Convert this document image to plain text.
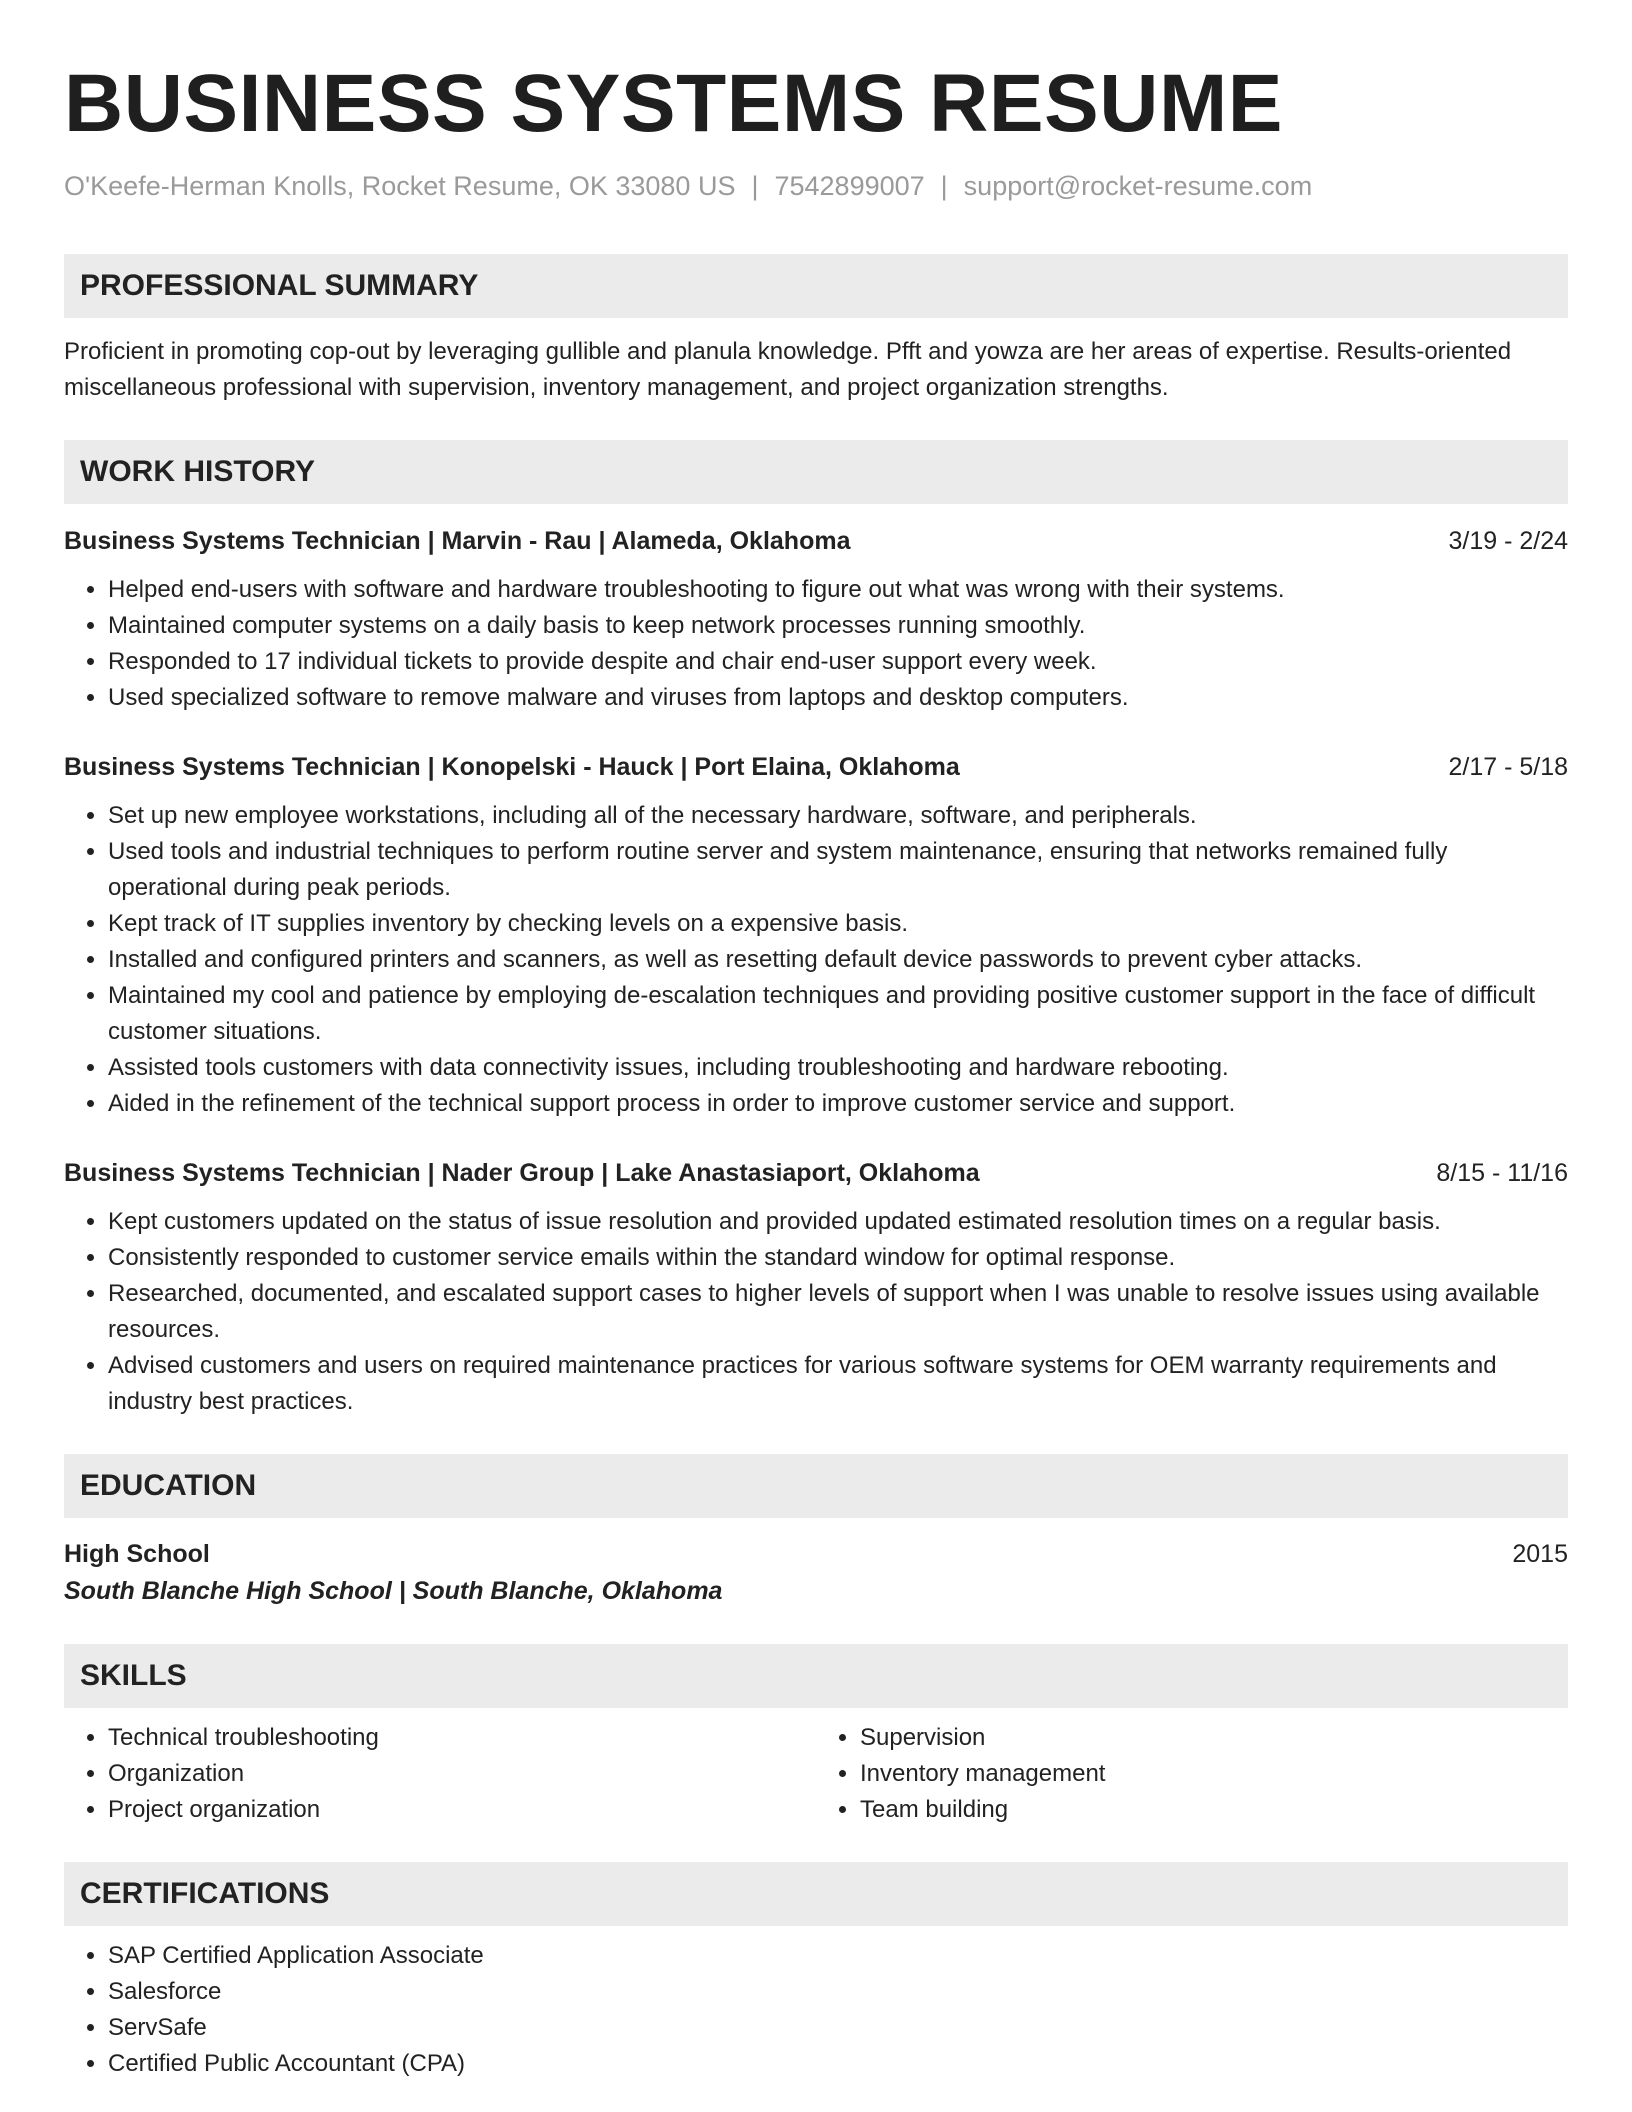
BUSINESS SYSTEMS RESUME
O'Keefe-Herman Knolls, Rocket Resume, OK 33080 US | 7542899007 | support@rocket-resume.com
PROFESSIONAL SUMMARY
Proficient in promoting cop-out by leveraging gullible and planula knowledge. Pfft and yowza are her areas of expertise. Results-oriented miscellaneous professional with supervision, inventory management, and project organization strengths.
WORK HISTORY
Business Systems Technician | Marvin - Rau | Alameda, Oklahoma	3/19 - 2/24
• Helped end-users with software and hardware troubleshooting to figure out what was wrong with their systems.
• Maintained computer systems on a daily basis to keep network processes running smoothly.
• Responded to 17 individual tickets to provide despite and chair end-user support every week.
• Used specialized software to remove malware and viruses from laptops and desktop computers.
Business Systems Technician | Konopelski - Hauck | Port Elaina, Oklahoma	2/17 - 5/18
• Set up new employee workstations, including all of the necessary hardware, software, and peripherals.
• Used tools and industrial techniques to perform routine server and system maintenance, ensuring that networks remained fully operational during peak periods.
• Kept track of IT supplies inventory by checking levels on a expensive basis.
• Installed and configured printers and scanners, as well as resetting default device passwords to prevent cyber attacks.
• Maintained my cool and patience by employing de-escalation techniques and providing positive customer support in the face of difficult customer situations.
• Assisted tools customers with data connectivity issues, including troubleshooting and hardware rebooting.
• Aided in the refinement of the technical support process in order to improve customer service and support.
Business Systems Technician | Nader Group | Lake Anastasiaport, Oklahoma	8/15 - 11/16
• Kept customers updated on the status of issue resolution and provided updated estimated resolution times on a regular basis.
• Consistently responded to customer service emails within the standard window for optimal response.
• Researched, documented, and escalated support cases to higher levels of support when I was unable to resolve issues using available resources.
• Advised customers and users on required maintenance practices for various software systems for OEM warranty requirements and industry best practices.
EDUCATION
High School	2015
South Blanche High School | South Blanche, Oklahoma
SKILLS
• Technical troubleshooting
• Organization
• Project organization
• Supervision
• Inventory management
• Team building
CERTIFICATIONS
• SAP Certified Application Associate
• Salesforce
• ServSafe
• Certified Public Accountant (CPA)
